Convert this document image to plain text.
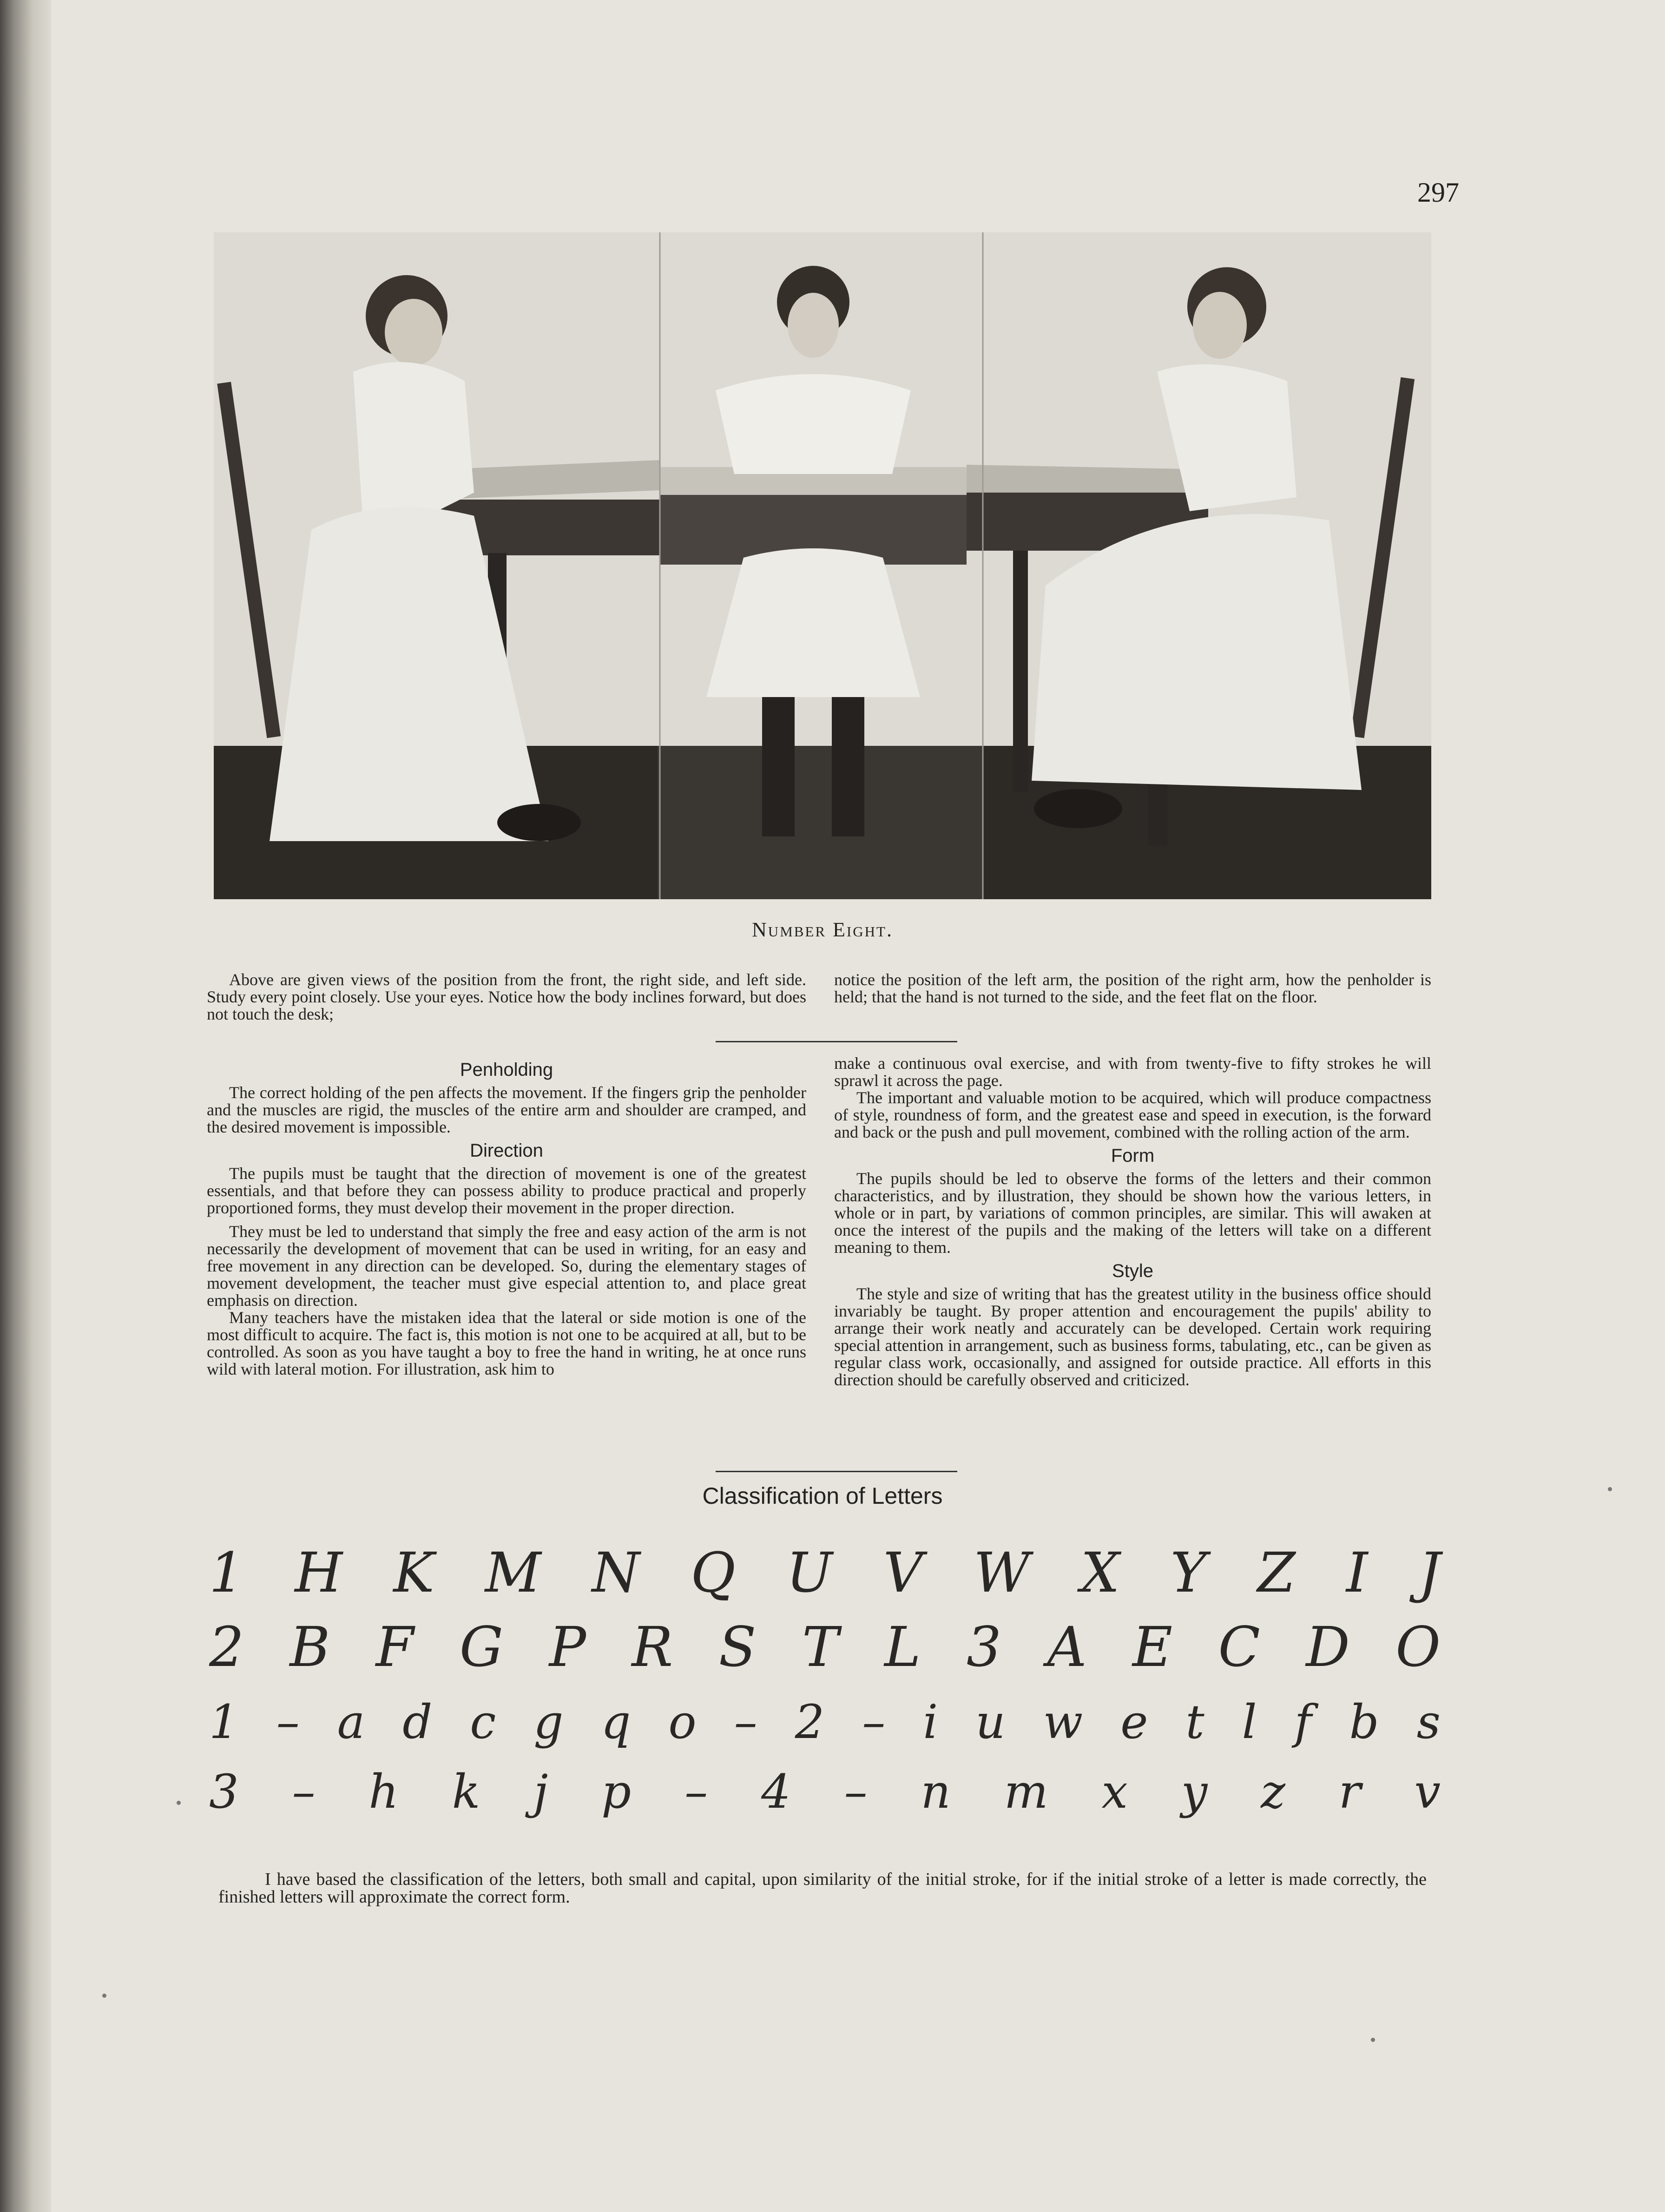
297
Number Eight.

Above are given views of the position from the front, the right side, and left side. Study every point closely. Use your eyes. Notice how the body inclines forward, but does not touch the desk;

notice the position of the left arm, the position of the right arm, how the penholder is held; that the hand is not turned to the side, and the feet flat on the floor.

Penholding

The correct holding of the pen affects the movement. If the fingers grip the penholder and the muscles are rigid, the muscles of the entire arm and shoulder are cramped, and the desired movement is impossible.

Direction

The pupils must be taught that the direction of movement is one of the greatest essentials, and that before they can possess ability to produce practical and properly proportioned forms, they must develop their movement in the proper direction.

They must be led to understand that simply the free and easy action of the arm is not necessarily the development of movement that can be used in writing, for an easy and free movement in any direction can be developed. So, during the elementary stages of movement development, the teacher must give especial attention to, and place great emphasis on direction.

Many teachers have the mistaken idea that the lateral or side motion is one of the most difficult to acquire. The fact is, this motion is not one to be acquired at all, but to be controlled. As soon as you have taught a boy to free the hand in writing, he at once runs wild with lateral motion. For illustration, ask him to

make a continuous oval exercise, and with from twenty-five to fifty strokes he will sprawl it across the page.

The important and valuable motion to be acquired, which will produce compactness of style, roundness of form, and the greatest ease and speed in execution, is the forward and back or the push and pull movement, combined with the rolling action of the arm.

Form

The pupils should be led to observe the forms of the letters and their common characteristics, and by illustration, they should be shown how the various letters, in whole or in part, by variations of common principles, are similar. This will awaken at once the interest of the pupils and the making of the letters will take on a different meaning to them.

Style

The style and size of writing that has the greatest utility in the business office should invariably be taught. By proper attention and encouragement the pupils' ability to arrange their work neatly and accurately can be developed. Certain work requiring special attention in arrangement, such as business forms, tabulating, etc., can be given as regular class work, occasionally, and assigned for outside practice. All efforts in this direction should be carefully observed and criticized.

Classification of Letters
1 H K M N Q U V W X Y Z I J
2 B F G P R S T L 3 A E C D O
1 – a d c g q o – 2 – i u w e t l f b s
3 – h k j p – 4 – n m x y z r v

I have based the classification of the letters, both small and capital, upon similarity of the initial stroke, for if the initial stroke of a letter is made correctly, the finished letters will approximate the correct form.
